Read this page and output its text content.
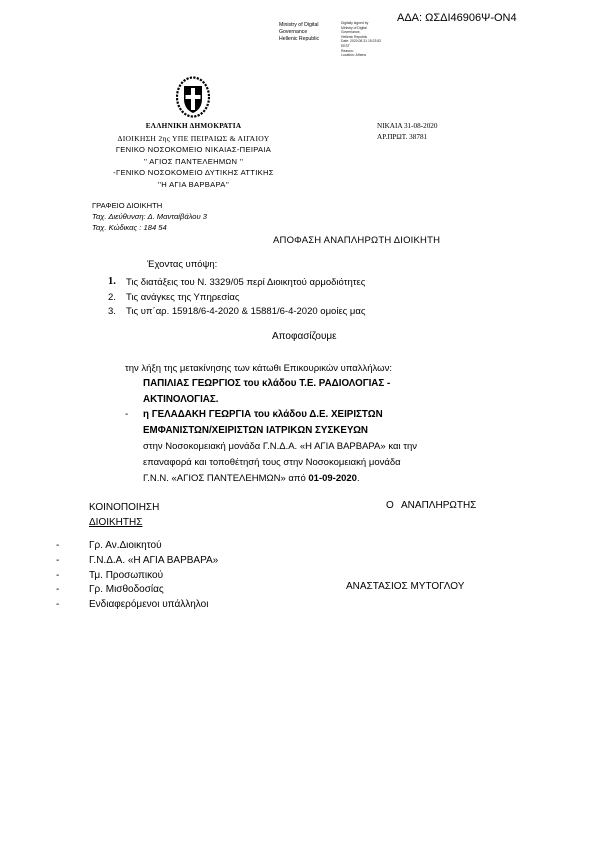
ΑΔΑ: ΩΣΔΙ46906Ψ-ΟΝ4
Ministry of Digital
Governance
Hellenic Republic
Digitally signed by
Ministry of Digital
Governance,
Hellenic Republic
Date: 2020.08.31 15:23:52
EEST
Reason:
Location: Athens
ΕΛΛΗΝΙΚΗ ΔΗΜΟΚΡΑΤΙΑ
ΔΙΟΙΚΗΣΗ 2ης ΥΠΕ ΠΕΙΡΑΙΩΣ & ΑΙΓΑΙΟΥ
ΓΕΝΙΚΟ ΝΟΣΟΚΟΜΕΙΟ ΝΙΚΑΙΑΣ-ΠΕΙΡΑΙΑ
'' ΑΓΙΟΣ ΠΑΝΤΕΛΕΗΜΩΝ ''
-ΓΕΝΙΚΟ ΝΟΣΟΚΟΜΕΙΟ ΔΥΤΙΚΗΣ ΑΤΤΙΚΗΣ
''Η ΑΓΙΑ ΒΑΡΒΑΡΑ''
ΝΙΚΑΙΑ 31-08-2020
ΑΡ.ΠΡΩΤ. 38781
ΓΡΑΦΕΙΟ ΔΙΟΙΚΗΤΗ
Ταχ. Διεύθυνση: Δ. Μανταίβάλου 3
Ταχ. Κώδικας : 184 54
ΑΠΟΦΑΣΗ ΑΝΑΠΛΗΡΩΤΗ ΔΙΟΙΚΗΤΗ
Έχοντας υπόψη:
1. Τις διατάξεις του Ν. 3329/05 περί Διοικητού αρμοδιότητες
2. Τις ανάγκες της Υπηρεσίας
3. Τις υπ΄αρ. 15918/6-4-2020 & 15881/6-4-2020 ομοίες μας
Αποφασίζουμε
την λήξη της μετακίνησης των κάτωθι Επικουρικών υπαλλήλων:
ΠΑΠΙΛΙΑΣ ΓΕΩΡΓΙΟΣ του κλάδου Τ.Ε. ΡΑΔΙΟΛΟΓΙΑΣ -
ΑΚΤΙΝΟΛΟΓΙΑΣ.
- η ΓΕΛΑΔΑΚΗ ΓΕΩΡΓΙΑ του κλάδου Δ.Ε. ΧΕΙΡΙΣΤΩΝ
ΕΜΦΑΝΙΣΤΩΝ/ΧΕΙΡΙΣΤΩΝ ΙΑΤΡΙΚΩΝ ΣΥΣΚΕΥΩΝ
στην Νοσοκομειακή μονάδα Γ.Ν.Δ.Α. «Η ΑΓΙΑ ΒΑΡΒΑΡΑ» και την
επαναφορά και τοποθέτησή τους στην Νοσοκομειακή μονάδα
Γ.Ν.Ν. «ΑΓΙΟΣ ΠΑΝΤΕΛΕΗΜΩΝ» από 01-09-2020.
ΚΟΙΝΟΠΟΙΗΣΗ
ΔΙΟΙΚΗΤΗΣ
Ο ΑΝΑΠΛΗΡΩΤΗΣ
-	Γρ. Αν.Διοικητού
-	Γ.Ν.Δ.Α. «Η ΑΓΙΑ ΒΑΡΒΑΡΑ»
-	Τμ. Προσωπικού
-	Γρ. Μισθοδοσίας
-	Ενδιαφερόμενοι υπάλληλοι
ΑΝΑΣΤΑΣΙΟΣ ΜΥΤΟΓΛΟΥ
